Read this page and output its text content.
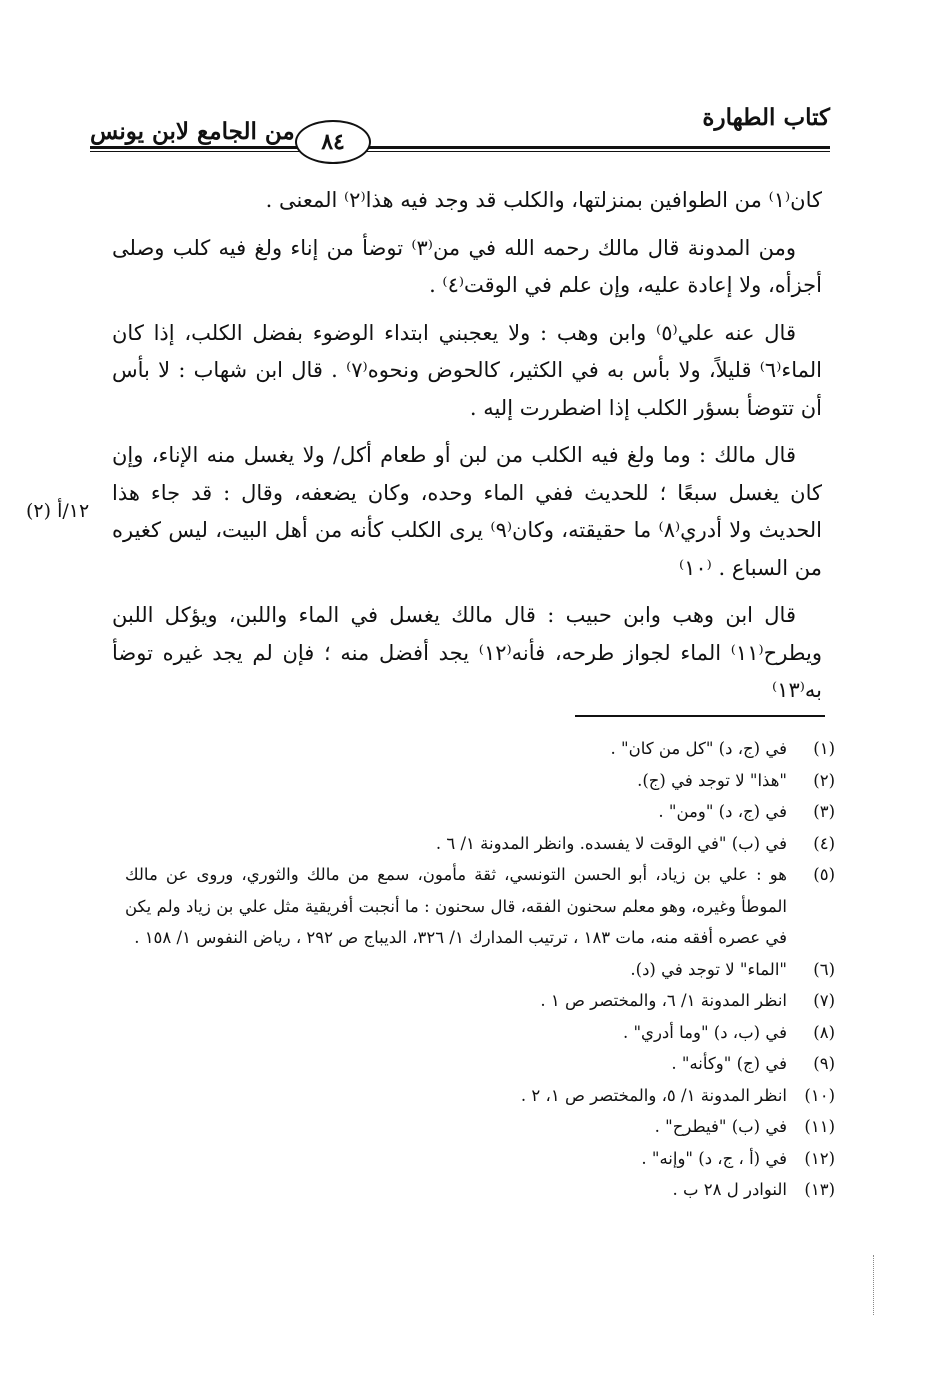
كتاب الطهارة
٨٤
من الجامع لابن يونس
١٢/أ (٢)

كان⁽١⁾ من الطوافين بمنزلتها، والكلب قد وجد فيه هذا⁽٢⁾ المعنى .

ومن المدونة قال مالك رحمه الله في من⁽٣⁾ توضأ من إناء ولغ فيه كلب وصلى أجزأه، ولا إعادة عليه، وإن علم في الوقت⁽٤⁾ .

قال عنه علي⁽٥⁾ وابن وهب : ولا يعجبني ابتداء الوضوء بفضل الكلب، إذا كان الماء⁽٦⁾ قليلاً، ولا بأس به في الكثير، كالحوض ونحوه⁽٧⁾ . قال ابن شهاب : لا بأس أن تتوضأ بسؤر الكلب إذا اضطررت إليه .

قال مالك : وما ولغ فيه الكلب من لبن أو طعام أكل/ ولا يغسل منه الإناء، وإن كان يغسل سبعًا ؛ للحديث ففي الماء وحده، وكان يضعفه، وقال : قد جاء هذا الحديث ولا أدري⁽٨⁾ ما حقيقته، وكان⁽٩⁾ يرى الكلب كأنه من أهل البيت، ليس كغيره من السباع . ⁽١٠⁾

قال ابن وهب وابن حبيب : قال مالك يغسل في الماء واللبن، ويؤكل اللبن ويطرح⁽١١⁾ الماء لجواز طرحه، فأنه⁽١٢⁾ يجد أفضل منه ؛ فإن لم يجد غيره توضأ به⁽١٣⁾

(١)
في (ج، د) "كل من كان" .
(٢)
"هذا" لا توجد في (ج).
(٣)
في (ج، د) "ومن" .
(٤)
في (ب) "في الوقت لا يفسده. وانظر المدونة ١/ ٦ .
(٥)
هو : علي بن زياد، أبو الحسن التونسي، ثقة مأمون، سمع من مالك والثوري، وروى عن مالك الموطأ وغيره، وهو معلم سحنون الفقه، قال سحنون : ما أنجبت أفريقية مثل علي بن زياد ولم يكن في عصره أفقه منه، مات ١٨٣ ، ترتيب المدارك ١/ ٣٢٦، الديباج ص ٢٩٢ ، رياض النفوس ١/ ١٥٨ .
(٦)
"الماء" لا توجد في (د).
(٧)
انظر المدونة ١/ ٦، والمختصر ص ١ .
(٨)
في (ب، د) "وما أدري" .
(٩)
في (ج) "وكأنه" .
(١٠)
انظر المدونة ١/ ٥، والمختصر ص ١، ٢ .
(١١)
في (ب) "فيطرح" .
(١٢)
في (أ ، ج، د) "وإنه" .
(١٣)
النوادر ل ٢٨ ب .
